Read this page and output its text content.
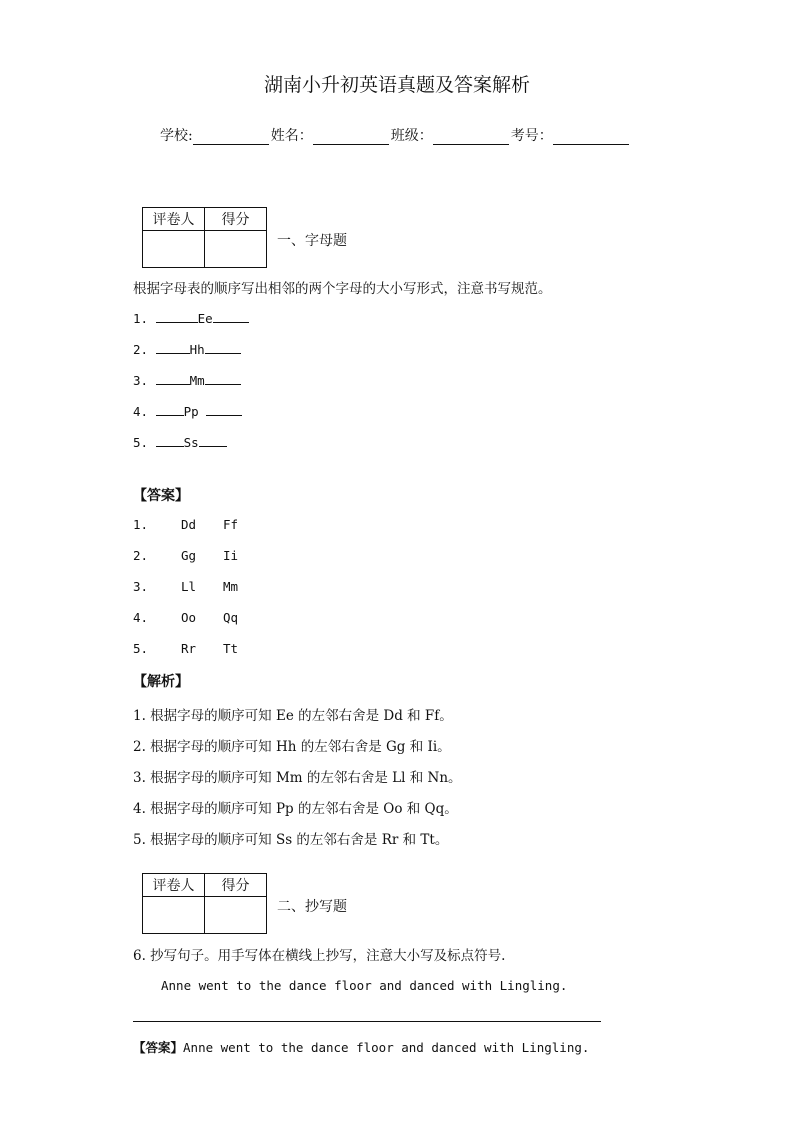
湖南小升初英语真题及答案解析
学校:	姓名：	班级：	考号：
评卷人	得分

一、字母题
根据字母表的顺序写出相邻的两个字母的大小写形式，注意书写规范。
1.	Ee
2.	Hh
3.	Mm
4.	Pp
5.	Ss
【答案】
1.	Dd Ff
2.	Gg Ii
3.	Ll Mm
4.	Oo Qq
5.	Rr Tt
【解析】
1. 根据字母的顺序可知 Ee 的左邻右舍是 Dd 和 Ff。
2. 根据字母的顺序可知 Hh 的左邻右舍是 Gg 和 Ii。
3. 根据字母的顺序可知 Mm 的左邻右舍是 Ll 和 Nn。
4. 根据字母的顺序可知 Pp 的左邻右舍是 Oo 和 Qq。
5. 根据字母的顺序可知 Ss 的左邻右舍是 Rr 和 Tt。
评卷人	得分

二、抄写题
6. 抄写句子。用手写体在横线上抄写，注意大小写及标点符号.
Anne went to the dance floor and danced with Lingling.
【答案】Anne went to the dance floor and danced with Lingling.
